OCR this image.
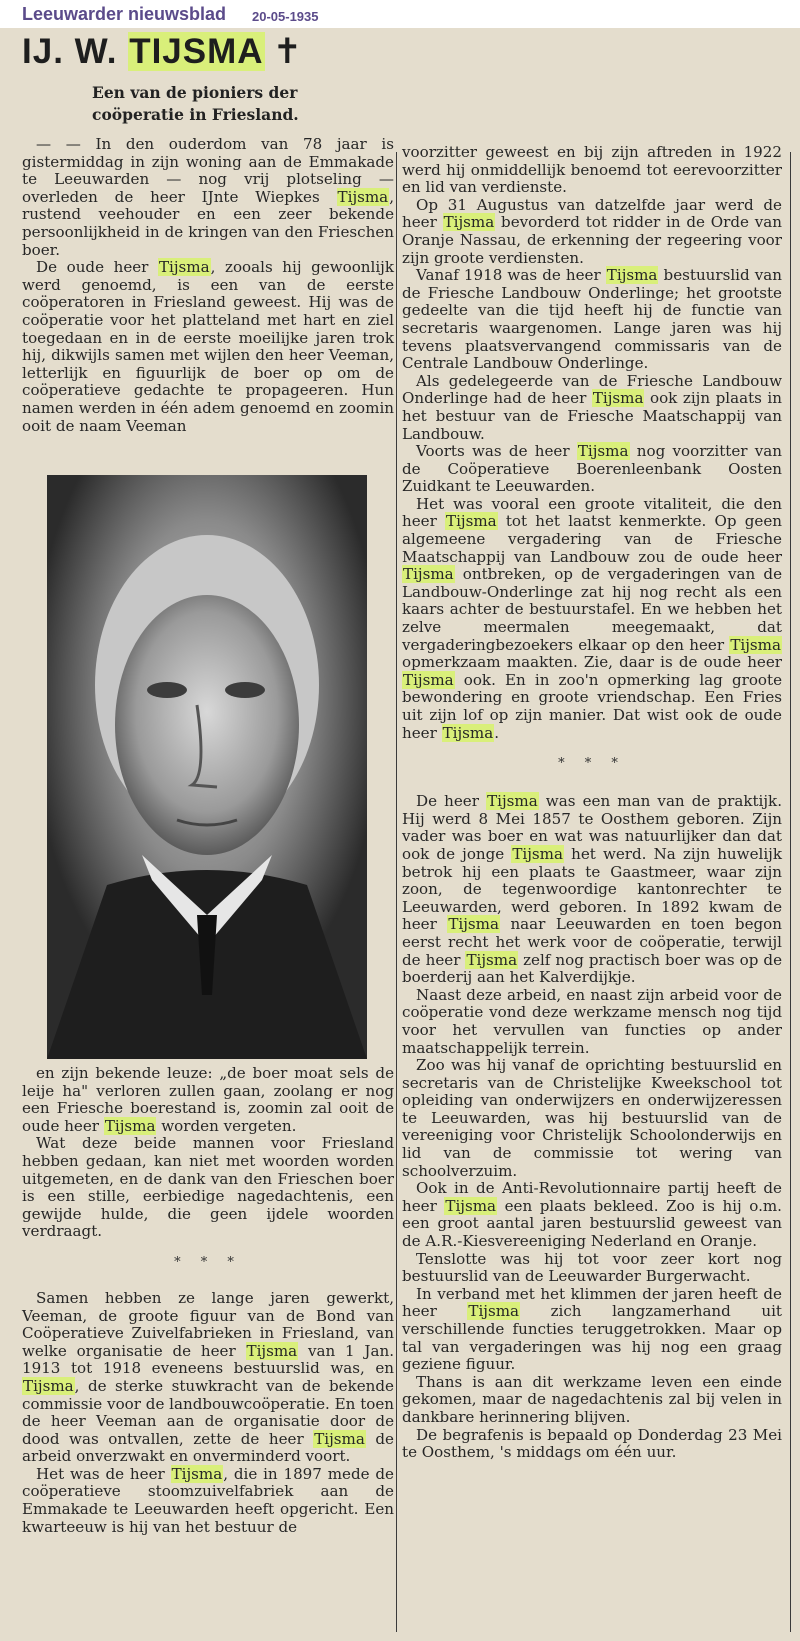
Leeuwarder nieuwsblad 20-05-1935
IJ. W. TIJSMA ✝
Een van de pioniers der coöperatie in Friesland.

— — In den ouderdom van 78 jaar is gistermiddag in zijn woning aan de Emmakade te Leeuwarden — nog vrij plotseling — overleden de heer IJnte Wiepkes Tijsma, rustend veehouder en een zeer bekende persoonlijkheid in de kringen van den Frieschen boer.

De oude heer Tijsma, zooals hij gewoonlijk werd genoemd, is een van de eerste coöperatoren in Friesland geweest. Hij was de coöperatie voor het platteland met hart en ziel toegedaan en in de eerste moeilijke jaren trok hij, dikwijls samen met wijlen den heer Veeman, letterlijk en figuurlijk de boer op om de coöperatieve gedachte te propageeren. Hun namen werden in één adem genoemd en zoomin ooit de naam Veeman

en zijn bekende leuze: „de boer moat sels de leije ha" verloren zullen gaan, zoolang er nog een Friesche boerestand is, zoomin zal ooit de oude heer Tijsma worden vergeten.

Wat deze beide mannen voor Friesland hebben gedaan, kan niet met woorden worden uitgemeten, en de dank van den Frieschen boer is een stille, eerbiedige nagedachtenis, een gewijde hulde, die geen ijdele woorden verdraagt.

* * *

Samen hebben ze lange jaren gewerkt, Veeman, de groote figuur van de Bond van Coöperatieve Zuivelfabrieken in Friesland, van welke organisatie de heer Tijsma van 1 Jan. 1913 tot 1918 eveneens bestuurslid was, en Tijsma, de sterke stuwkracht van de bekende commissie voor de landbouwcoöperatie. En toen de heer Veeman aan de organisatie door de dood was ontvallen, zette de heer Tijsma de arbeid onverzwakt en onverminderd voort.

Het was de heer Tijsma, die in 1897 mede de coöperatieve stoomzuivelfabriek aan de Emmakade te Leeuwarden heeft opgericht. Een kwarteeuw is hij van het bestuur de

voorzitter geweest en bij zijn aftreden in 1922 werd hij onmiddellijk benoemd tot eerevoorzitter en lid van verdienste.

Op 31 Augustus van datzelfde jaar werd de heer Tijsma bevorderd tot ridder in de Orde van Oranje Nassau, de erkenning der regeering voor zijn groote verdiensten.

Vanaf 1918 was de heer Tijsma bestuurslid van de Friesche Landbouw Onderlinge; het grootste gedeelte van die tijd heeft hij de functie van secretaris waargenomen. Lange jaren was hij tevens plaatsvervangend commissaris van de Centrale Landbouw Onderlinge.

Als gedelegeerde van de Friesche Landbouw Onderlinge had de heer Tijsma ook zijn plaats in het bestuur van de Friesche Maatschappij van Landbouw.

Voorts was de heer Tijsma nog voorzitter van de Coöperatieve Boerenleenbank Oosten Zuidkant te Leeuwarden.

Het was vooral een groote vitaliteit, die den heer Tijsma tot het laatst kenmerkte. Op geen algemeene vergadering van de Friesche Maatschappij van Landbouw zou de oude heer Tijsma ontbreken, op de vergaderingen van de Landbouw-Onderlinge zat hij nog recht als een kaars achter de bestuurstafel. En we hebben het zelve meermalen meegemaakt, dat vergaderingbezoekers elkaar op den heer Tijsma opmerkzaam maakten. Zie, daar is de oude heer Tijsma ook. En in zoo'n opmerking lag groote bewondering en groote vriendschap. Een Fries uit zijn lof op zijn manier. Dat wist ook de oude heer Tijsma.

* * *

De heer Tijsma was een man van de praktijk. Hij werd 8 Mei 1857 te Oosthem geboren. Zijn vader was boer en wat was natuurlijker dan dat ook de jonge Tijsma het werd. Na zijn huwelijk betrok hij een plaats te Gaastmeer, waar zijn zoon, de tegenwoordige kantonrechter te Leeuwarden, werd geboren. In 1892 kwam de heer Tijsma naar Leeuwarden en toen begon eerst recht het werk voor de coöperatie, terwijl de heer Tijsma zelf nog practisch boer was op de boerderij aan het Kalverdijkje.

Naast deze arbeid, en naast zijn arbeid voor de coöperatie vond deze werkzame mensch nog tijd voor het vervullen van functies op ander maatschappelijk terrein.

Zoo was hij vanaf de oprichting bestuurslid en secretaris van de Christelijke Kweekschool tot opleiding van onderwijzers en onderwijzeressen te Leeuwarden, was hij bestuurslid van de vereeniging voor Christelijk Schoolonderwijs en lid van de commissie tot wering van schoolverzuim.

Ook in de Anti-Revolutionnaire partij heeft de heer Tijsma een plaats bekleed. Zoo is hij o.m. een groot aantal jaren bestuurslid geweest van de A.R.-Kiesvereeniging Nederland en Oranje.

Tenslotte was hij tot voor zeer kort nog bestuurslid van de Leeuwarder Burgerwacht.

In verband met het klimmen der jaren heeft de heer Tijsma zich langzamerhand uit verschillende functies teruggetrokken. Maar op tal van vergaderingen was hij nog een graag geziene figuur.

Thans is aan dit werkzame leven een einde gekomen, maar de nagedachtenis zal bij velen in dankbare herinnering blijven.

De begrafenis is bepaald op Donderdag 23 Mei te Oosthem, 's middags om één uur.
